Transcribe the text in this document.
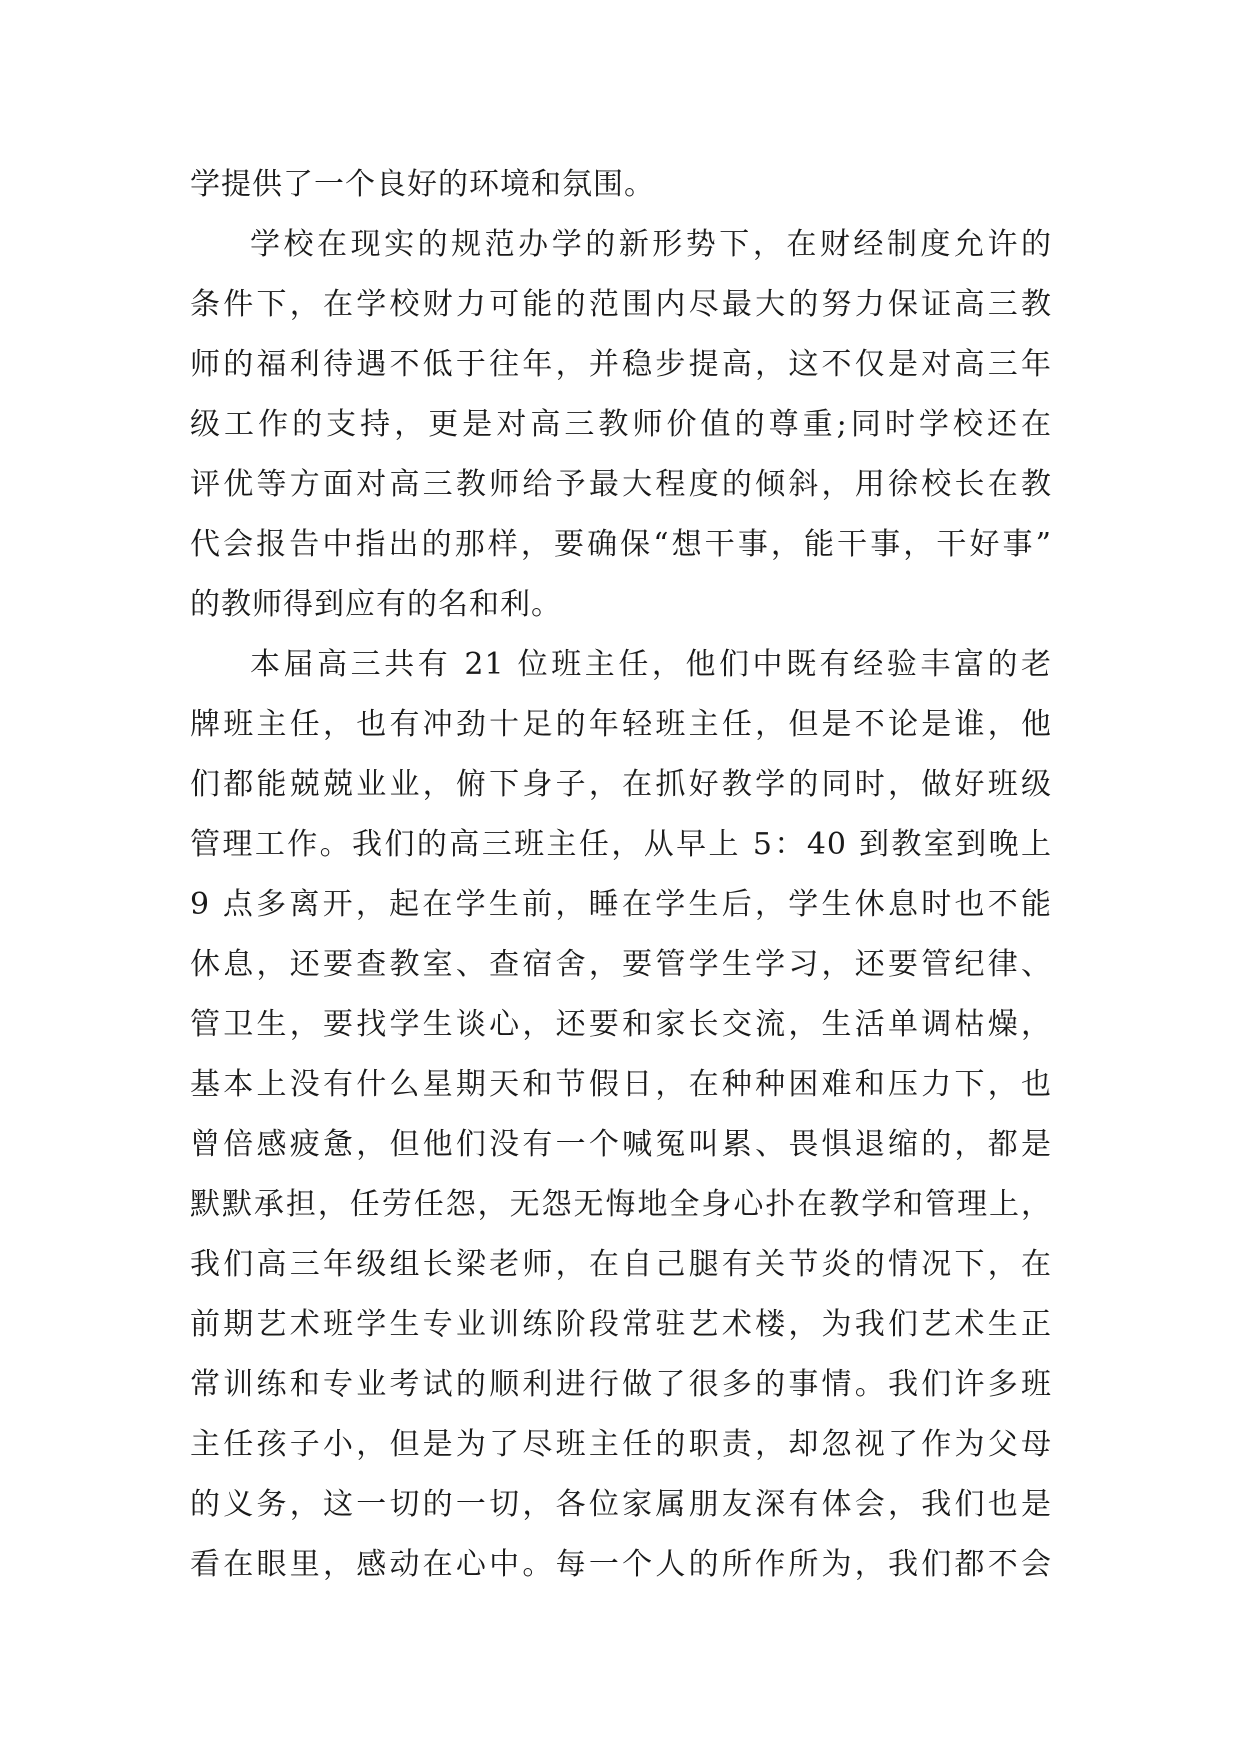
学提供了一个良好的环境和氛围。

学校在现实的规范办学的新形势下，在财经制度允许的
条件下，在学校财力可能的范围内尽最大的努力保证高三教
师的福利待遇不低于往年，并稳步提高，这不仅是对高三年
级工作的支持，更是对高三教师价值的尊重;同时学校还在
评优等方面对高三教师给予最大程度的倾斜，用徐校长在教
代会报告中指出的那样，要确保“想干事，能干事，干好事”
的教师得到应有的名和利。

本届高三共有 21 位班主任，他们中既有经验丰富的老
牌班主任，也有冲劲十足的年轻班主任，但是不论是谁，他
们都能兢兢业业，俯下身子，在抓好教学的同时，做好班级
管理工作。我们的高三班主任，从早上 5：40 到教室到晚上
9 点多离开，起在学生前，睡在学生后，学生休息时也不能
休息，还要查教室、查宿舍，要管学生学习，还要管纪律、
管卫生，要找学生谈心，还要和家长交流，生活单调枯燥，
基本上没有什么星期天和节假日，在种种困难和压力下，也
曾倍感疲惫，但他们没有一个喊冤叫累、畏惧退缩的，都是
默默承担，任劳任怨，无怨无悔地全身心扑在教学和管理上，
我们高三年级组长梁老师，在自己腿有关节炎的情况下，在
前期艺术班学生专业训练阶段常驻艺术楼，为我们艺术生正
常训练和专业考试的顺利进行做了很多的事情。我们许多班
主任孩子小，但是为了尽班主任的职责，却忽视了作为父母
的义务，这一切的一切，各位家属朋友深有体会，我们也是
看在眼里，感动在心中。每一个人的所作所为，我们都不会
